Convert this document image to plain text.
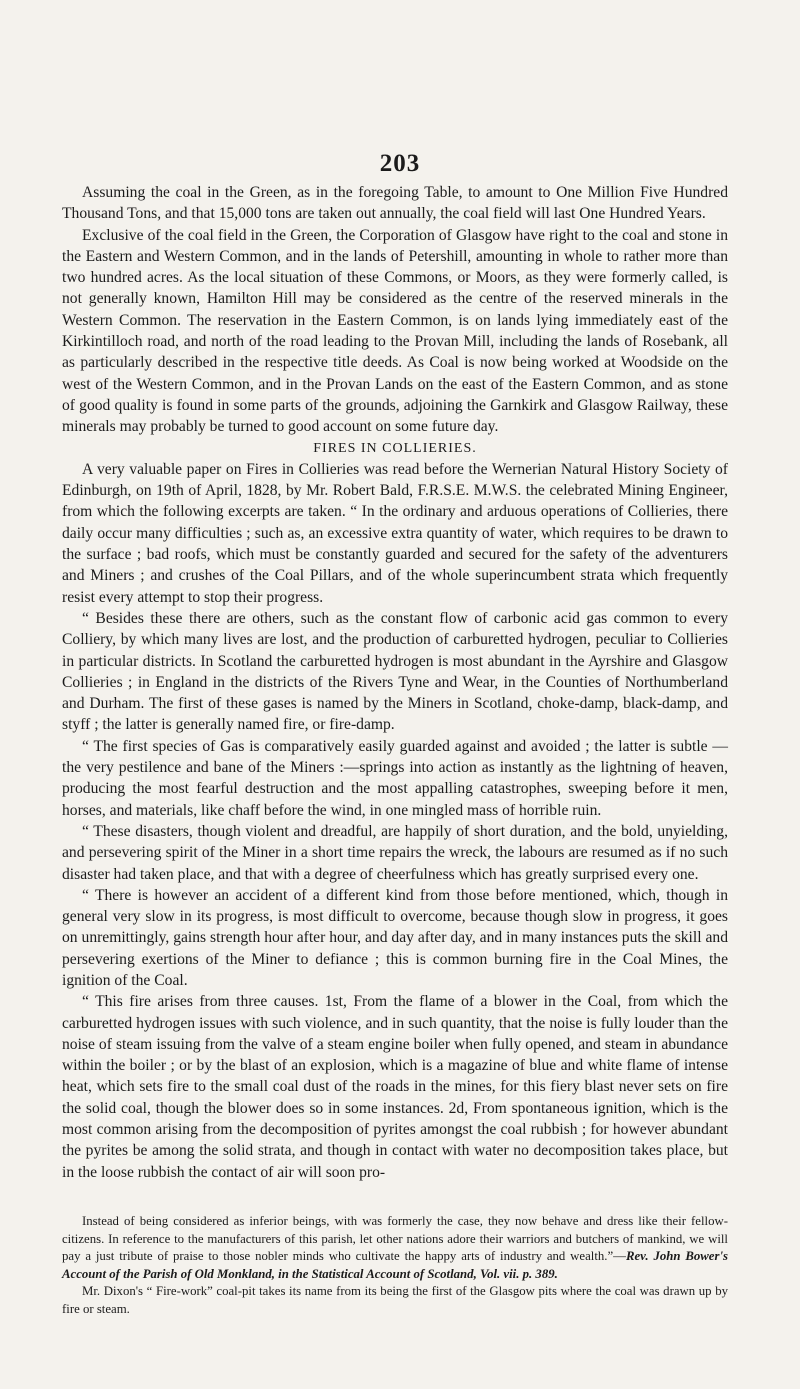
203

Assuming the coal in the Green, as in the foregoing Table, to amount to One Million Five Hundred Thousand Tons, and that 15,000 tons are taken out annually, the coal field will last One Hundred Years.

Exclusive of the coal field in the Green, the Corporation of Glasgow have right to the coal and stone in the Eastern and Western Common, and in the lands of Petershill, amounting in whole to rather more than two hundred acres. As the local situation of these Commons, or Moors, as they were formerly called, is not generally known, Hamilton Hill may be considered as the centre of the reserved minerals in the Western Common. The reservation in the Eastern Common, is on lands lying immediately east of the Kirkintilloch road, and north of the road leading to the Provan Mill, including the lands of Rosebank, all as particularly described in the respective title deeds. As Coal is now being worked at Woodside on the west of the Western Common, and in the Provan Lands on the east of the Eastern Common, and as stone of good quality is found in some parts of the grounds, adjoining the Garnkirk and Glasgow Railway, these minerals may probably be turned to good account on some future day.

FIRES IN COLLIERIES.

A very valuable paper on Fires in Collieries was read before the Wernerian Natural History Society of Edinburgh, on 19th of April, 1828, by Mr. Robert Bald, F.R.S.E. M.W.S. the celebrated Mining Engineer, from which the following excerpts are taken. “ In the ordinary and arduous operations of Collieries, there daily occur many difficulties ; such as, an excessive extra quantity of water, which requires to be drawn to the surface ; bad roofs, which must be constantly guarded and secured for the safety of the adventurers and Miners ; and crushes of the Coal Pillars, and of the whole superincumbent strata which frequently resist every attempt to stop their progress.

“ Besides these there are others, such as the constant flow of carbonic acid gas common to every Colliery, by which many lives are lost, and the production of carburetted hydrogen, peculiar to Collieries in particular districts. In Scotland the carburetted hydrogen is most abundant in the Ayrshire and Glasgow Collieries ; in England in the districts of the Rivers Tyne and Wear, in the Counties of Northumberland and Durham. The first of these gases is named by the Miners in Scotland, choke-damp, black-damp, and styff ; the latter is generally named fire, or fire-damp.

“ The first species of Gas is comparatively easily guarded against and avoided ; the latter is subtle —the very pestilence and bane of the Miners :—springs into action as instantly as the lightning of heaven, producing the most fearful destruction and the most appalling catastrophes, sweeping before it men, horses, and materials, like chaff before the wind, in one mingled mass of horrible ruin.

“ These disasters, though violent and dreadful, are happily of short duration, and the bold, unyielding, and persevering spirit of the Miner in a short time repairs the wreck, the labours are resumed as if no such disaster had taken place, and that with a degree of cheerfulness which has greatly surprised every one.

“ There is however an accident of a different kind from those before mentioned, which, though in general very slow in its progress, is most difficult to overcome, because though slow in progress, it goes on unremittingly, gains strength hour after hour, and day after day, and in many instances puts the skill and persevering exertions of the Miner to defiance ; this is common burning fire in the Coal Mines, the ignition of the Coal.

“ This fire arises from three causes. 1st, From the flame of a blower in the Coal, from which the carburetted hydrogen issues with such violence, and in such quantity, that the noise is fully louder than the noise of steam issuing from the valve of a steam engine boiler when fully opened, and steam in abundance within the boiler ; or by the blast of an explosion, which is a magazine of blue and white flame of intense heat, which sets fire to the small coal dust of the roads in the mines, for this fiery blast never sets on fire the solid coal, though the blower does so in some instances. 2d, From spontaneous ignition, which is the most common arising from the decomposition of pyrites amongst the coal rubbish ; for however abundant the pyrites be among the solid strata, and though in contact with water no decomposition takes place, but in the loose rubbish the contact of air will soon pro-

Instead of being considered as inferior beings, with was formerly the case, they now behave and dress like their fellow-citizens. In reference to the manufacturers of this parish, let other nations adore their warriors and butchers of mankind, we will pay a just tribute of praise to those nobler minds who cultivate the happy arts of industry and wealth.”—Rev. John Bower's Account of the Parish of Old Monkland, in the Statistical Account of Scotland, Vol. vii. p. 389.

Mr. Dixon's “ Fire-work” coal-pit takes its name from its being the first of the Glasgow pits where the coal was drawn up by fire or steam.
